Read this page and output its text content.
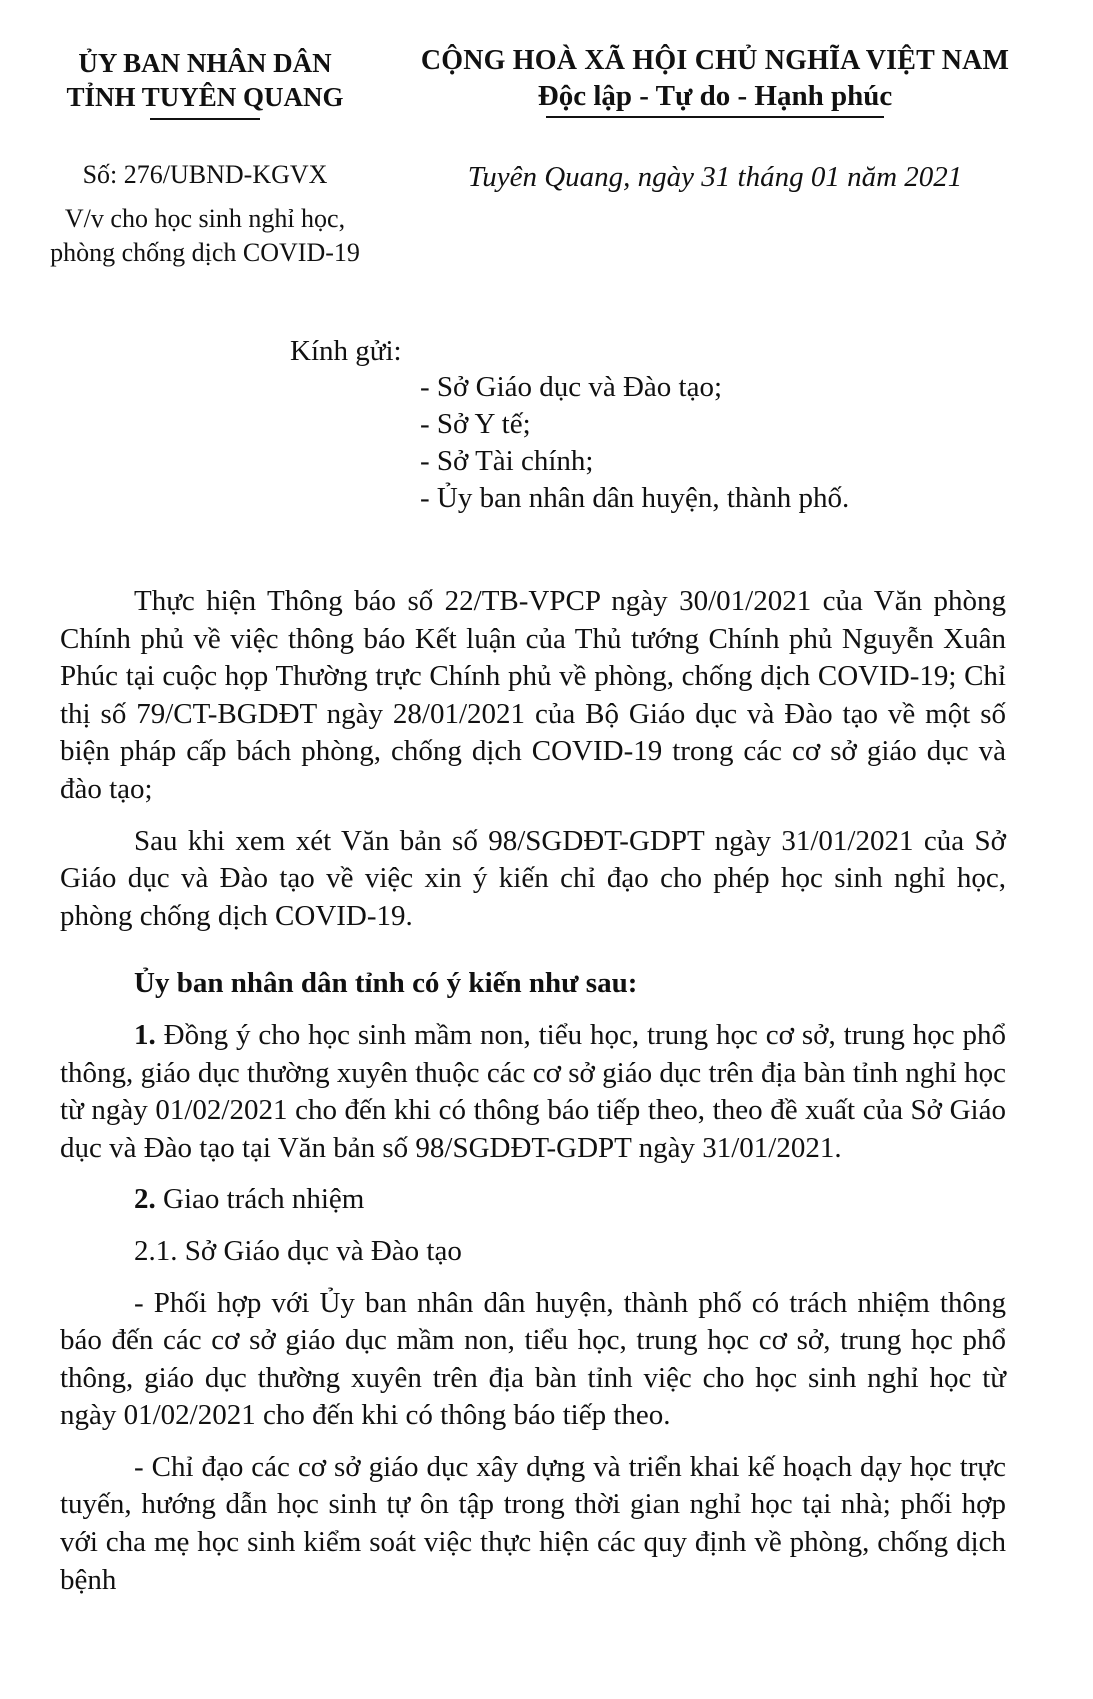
ỦY BAN NHÂN DÂN
TỈNH TUYÊN QUANG
Số: 276/UBND-KGVX
V/v cho học sinh nghỉ học,
phòng chống dịch COVID-19
CỘNG HOÀ XÃ HỘI CHỦ NGHĨA VIỆT NAM
Độc lập - Tự do - Hạnh phúc
Tuyên Quang, ngày 31 tháng 01 năm 2021
Kính gửi:
- Sở Giáo dục và Đào tạo;
- Sở Y tế;
- Sở Tài chính;
- Ủy ban nhân dân huyện, thành phố.

Thực hiện Thông báo số 22/TB-VPCP ngày 30/01/2021 của Văn phòng Chính phủ về việc thông báo Kết luận của Thủ tướng Chính phủ Nguyễn Xuân Phúc tại cuộc họp Thường trực Chính phủ về phòng, chống dịch COVID-19; Chỉ thị số 79/CT-BGDĐT ngày 28/01/2021 của Bộ Giáo dục và Đào tạo về một số biện pháp cấp bách phòng, chống dịch COVID-19 trong các cơ sở giáo dục và đào tạo;

Sau khi xem xét Văn bản số 98/SGDĐT-GDPT ngày 31/01/2021 của Sở Giáo dục và Đào tạo về việc xin ý kiến chỉ đạo cho phép học sinh nghỉ học, phòng chống dịch COVID-19.

Ủy ban nhân dân tỉnh có ý kiến như sau:

1. Đồng ý cho học sinh mầm non, tiểu học, trung học cơ sở, trung học phổ thông, giáo dục thường xuyên thuộc các cơ sở giáo dục trên địa bàn tỉnh nghỉ học từ ngày 01/02/2021 cho đến khi có thông báo tiếp theo, theo đề xuất của Sở Giáo dục và Đào tạo tại Văn bản số 98/SGDĐT-GDPT ngày 31/01/2021.

2. Giao trách nhiệm

2.1. Sở Giáo dục và Đào tạo

- Phối hợp với Ủy ban nhân dân huyện, thành phố có trách nhiệm thông báo đến các cơ sở giáo dục mầm non, tiểu học, trung học cơ sở, trung học phổ thông, giáo dục thường xuyên trên địa bàn tỉnh việc cho học sinh nghỉ học từ ngày 01/02/2021 cho đến khi có thông báo tiếp theo.

- Chỉ đạo các cơ sở giáo dục xây dựng và triển khai kế hoạch dạy học trực tuyến, hướng dẫn học sinh tự ôn tập trong thời gian nghỉ học tại nhà; phối hợp với cha mẹ học sinh kiểm soát việc thực hiện các quy định về phòng, chống dịch bệnh
